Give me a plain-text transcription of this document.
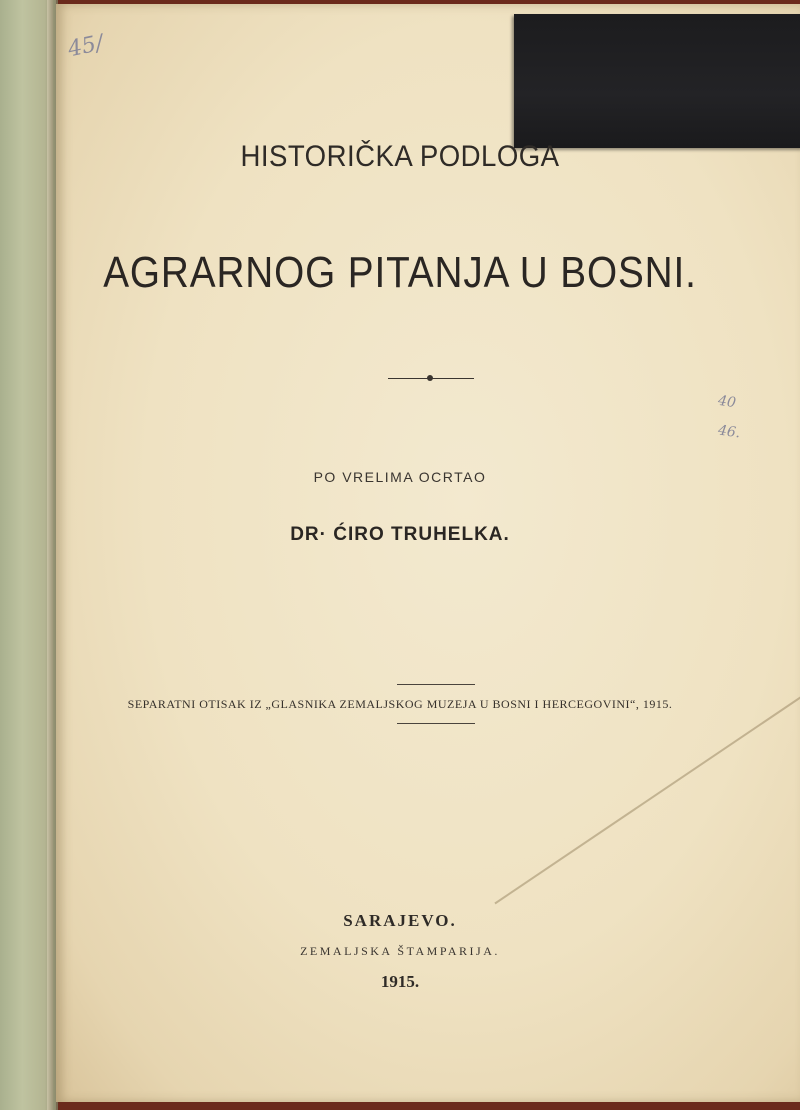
45/
40
46.
HISTORIČKA PODLOGA
AGRARNOG PITANJA U BOSNI.
PO VRELIMA OCRTAO
DR· ĆIRO TRUHELKA.
SEPARATNI OTISAK IZ „GLASNIKA ZEMALJSKOG MUZEJA U BOSNI I HERCEGOVINI“, 1915.
SARAJEVO.
ZEMALJSKA ŠTAMPARIJA.
1915.
